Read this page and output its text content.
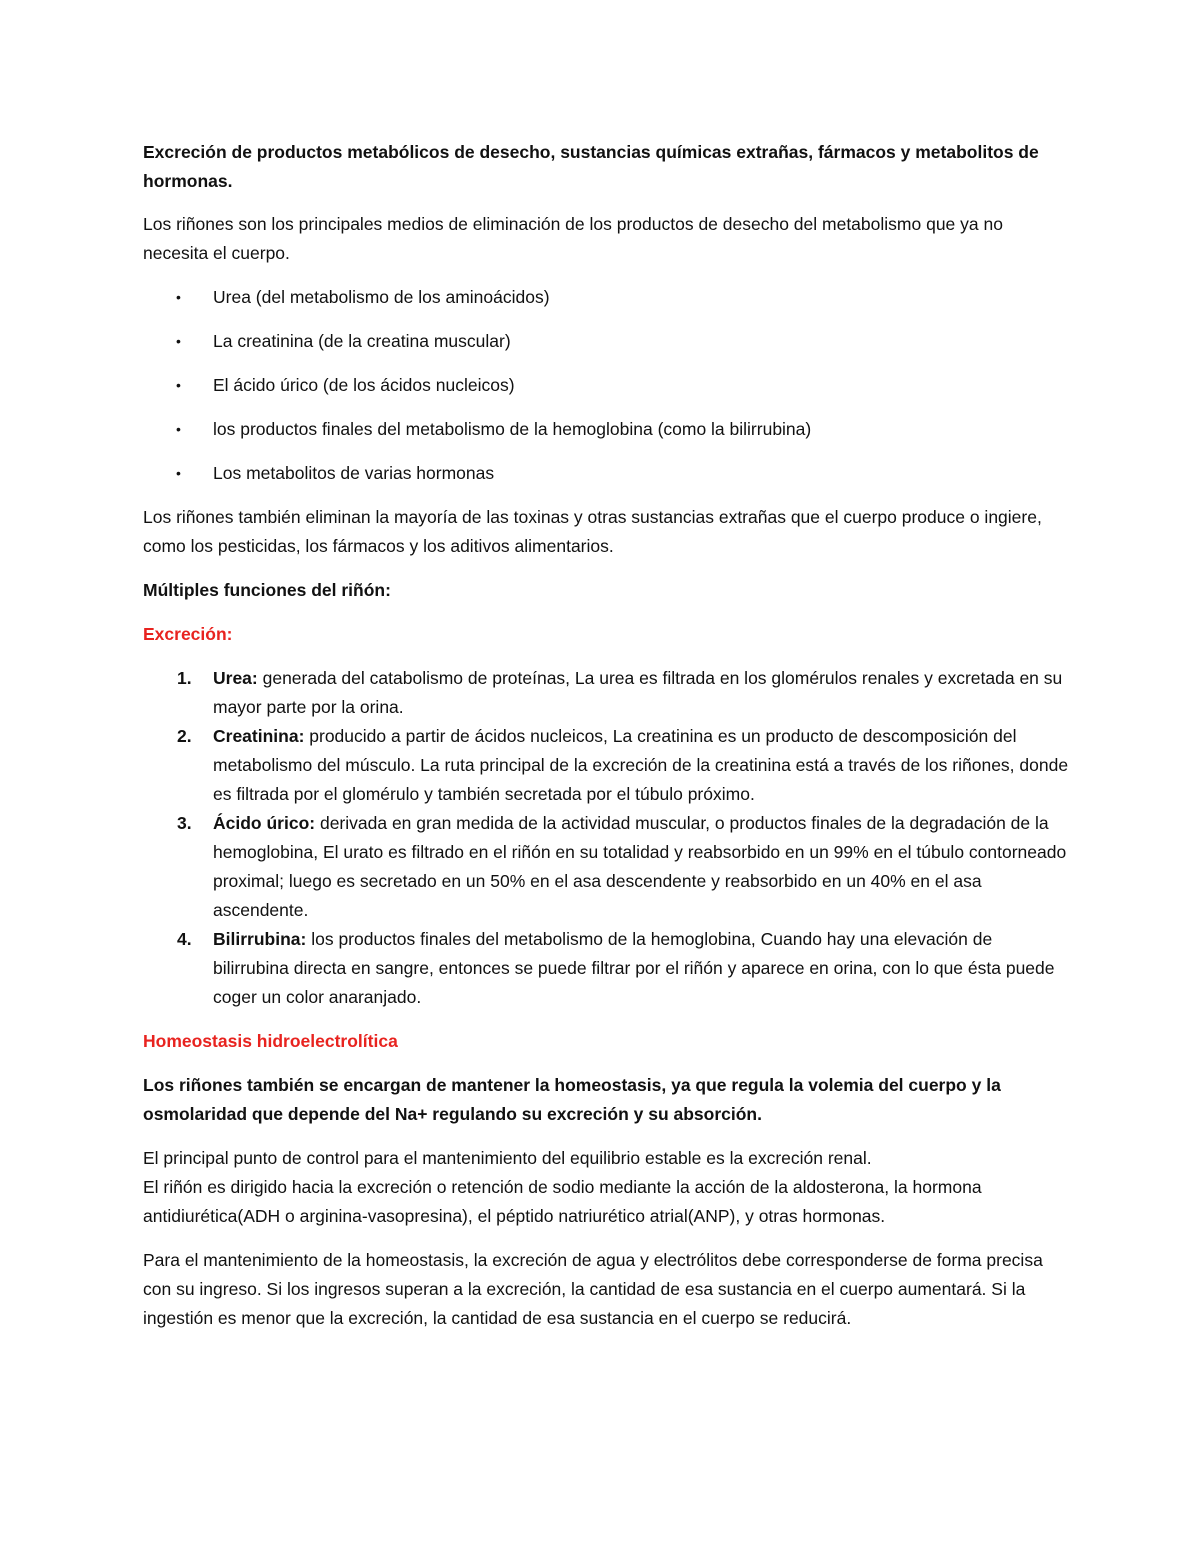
Excreción de productos metabólicos de desecho, sustancias químicas extrañas, fármacos y metabolitos de hormonas.

Los riñones son los principales medios de eliminación de los productos de desecho del metabolismo que ya no necesita el cuerpo.

• Urea (del metabolismo de los aminoácidos)
• La creatinina (de la creatina muscular)
• El ácido úrico (de los ácidos nucleicos)
• los productos finales del metabolismo de la hemoglobina (como la bilirrubina)
• Los metabolitos de varias hormonas

Los riñones también eliminan la mayoría de las toxinas y otras sustancias extrañas que el cuerpo produce o ingiere, como los pesticidas, los fármacos y los aditivos alimentarios.

Múltiples funciones del riñón:

Excreción:

1. Urea: generada del catabolismo de proteínas, La urea es filtrada en los glomérulos renales y excretada en su mayor parte por la orina.
2. Creatinina: producido a partir de ácidos nucleicos, La creatinina es un producto de descomposición del metabolismo del músculo. La ruta principal de la excreción de la creatinina está a través de los riñones, donde es filtrada por el glomérulo y también secretada por el túbulo próximo.
3. Ácido úrico: derivada en gran medida de la actividad muscular, o productos finales de la degradación de la hemoglobina, El urato es filtrado en el riñón en su totalidad y reabsorbido en un 99% en el túbulo contorneado proximal; luego es secretado en un 50% en el asa descendente y reabsorbido en un 40% en el asa ascendente.
4. Bilirrubina: los productos finales del metabolismo de la hemoglobina, Cuando hay una elevación de bilirrubina directa en sangre, entonces se puede filtrar por el riñón y aparece en orina, con lo que ésta puede coger un color anaranjado.

Homeostasis hidroelectrolítica

Los riñones también se encargan de mantener la homeostasis, ya que regula la volemia del cuerpo y la osmolaridad que depende del Na+ regulando su excreción y su absorción.

El principal punto de control para el mantenimiento del equilibrio estable es la excreción renal.
El riñón es dirigido hacia la excreción o retención de sodio mediante la acción de la aldosterona, la hormona antidiurética(ADH o arginina-vasopresina), el péptido natriurético atrial(ANP), y otras hormonas.

Para el mantenimiento de la homeostasis, la excreción de agua y electrólitos debe corresponderse de forma precisa con su ingreso. Si los ingresos superan a la excreción, la cantidad de esa sustancia en el cuerpo aumentará. Si la ingestión es menor que la excreción, la cantidad de esa sustancia en el cuerpo se reducirá.
